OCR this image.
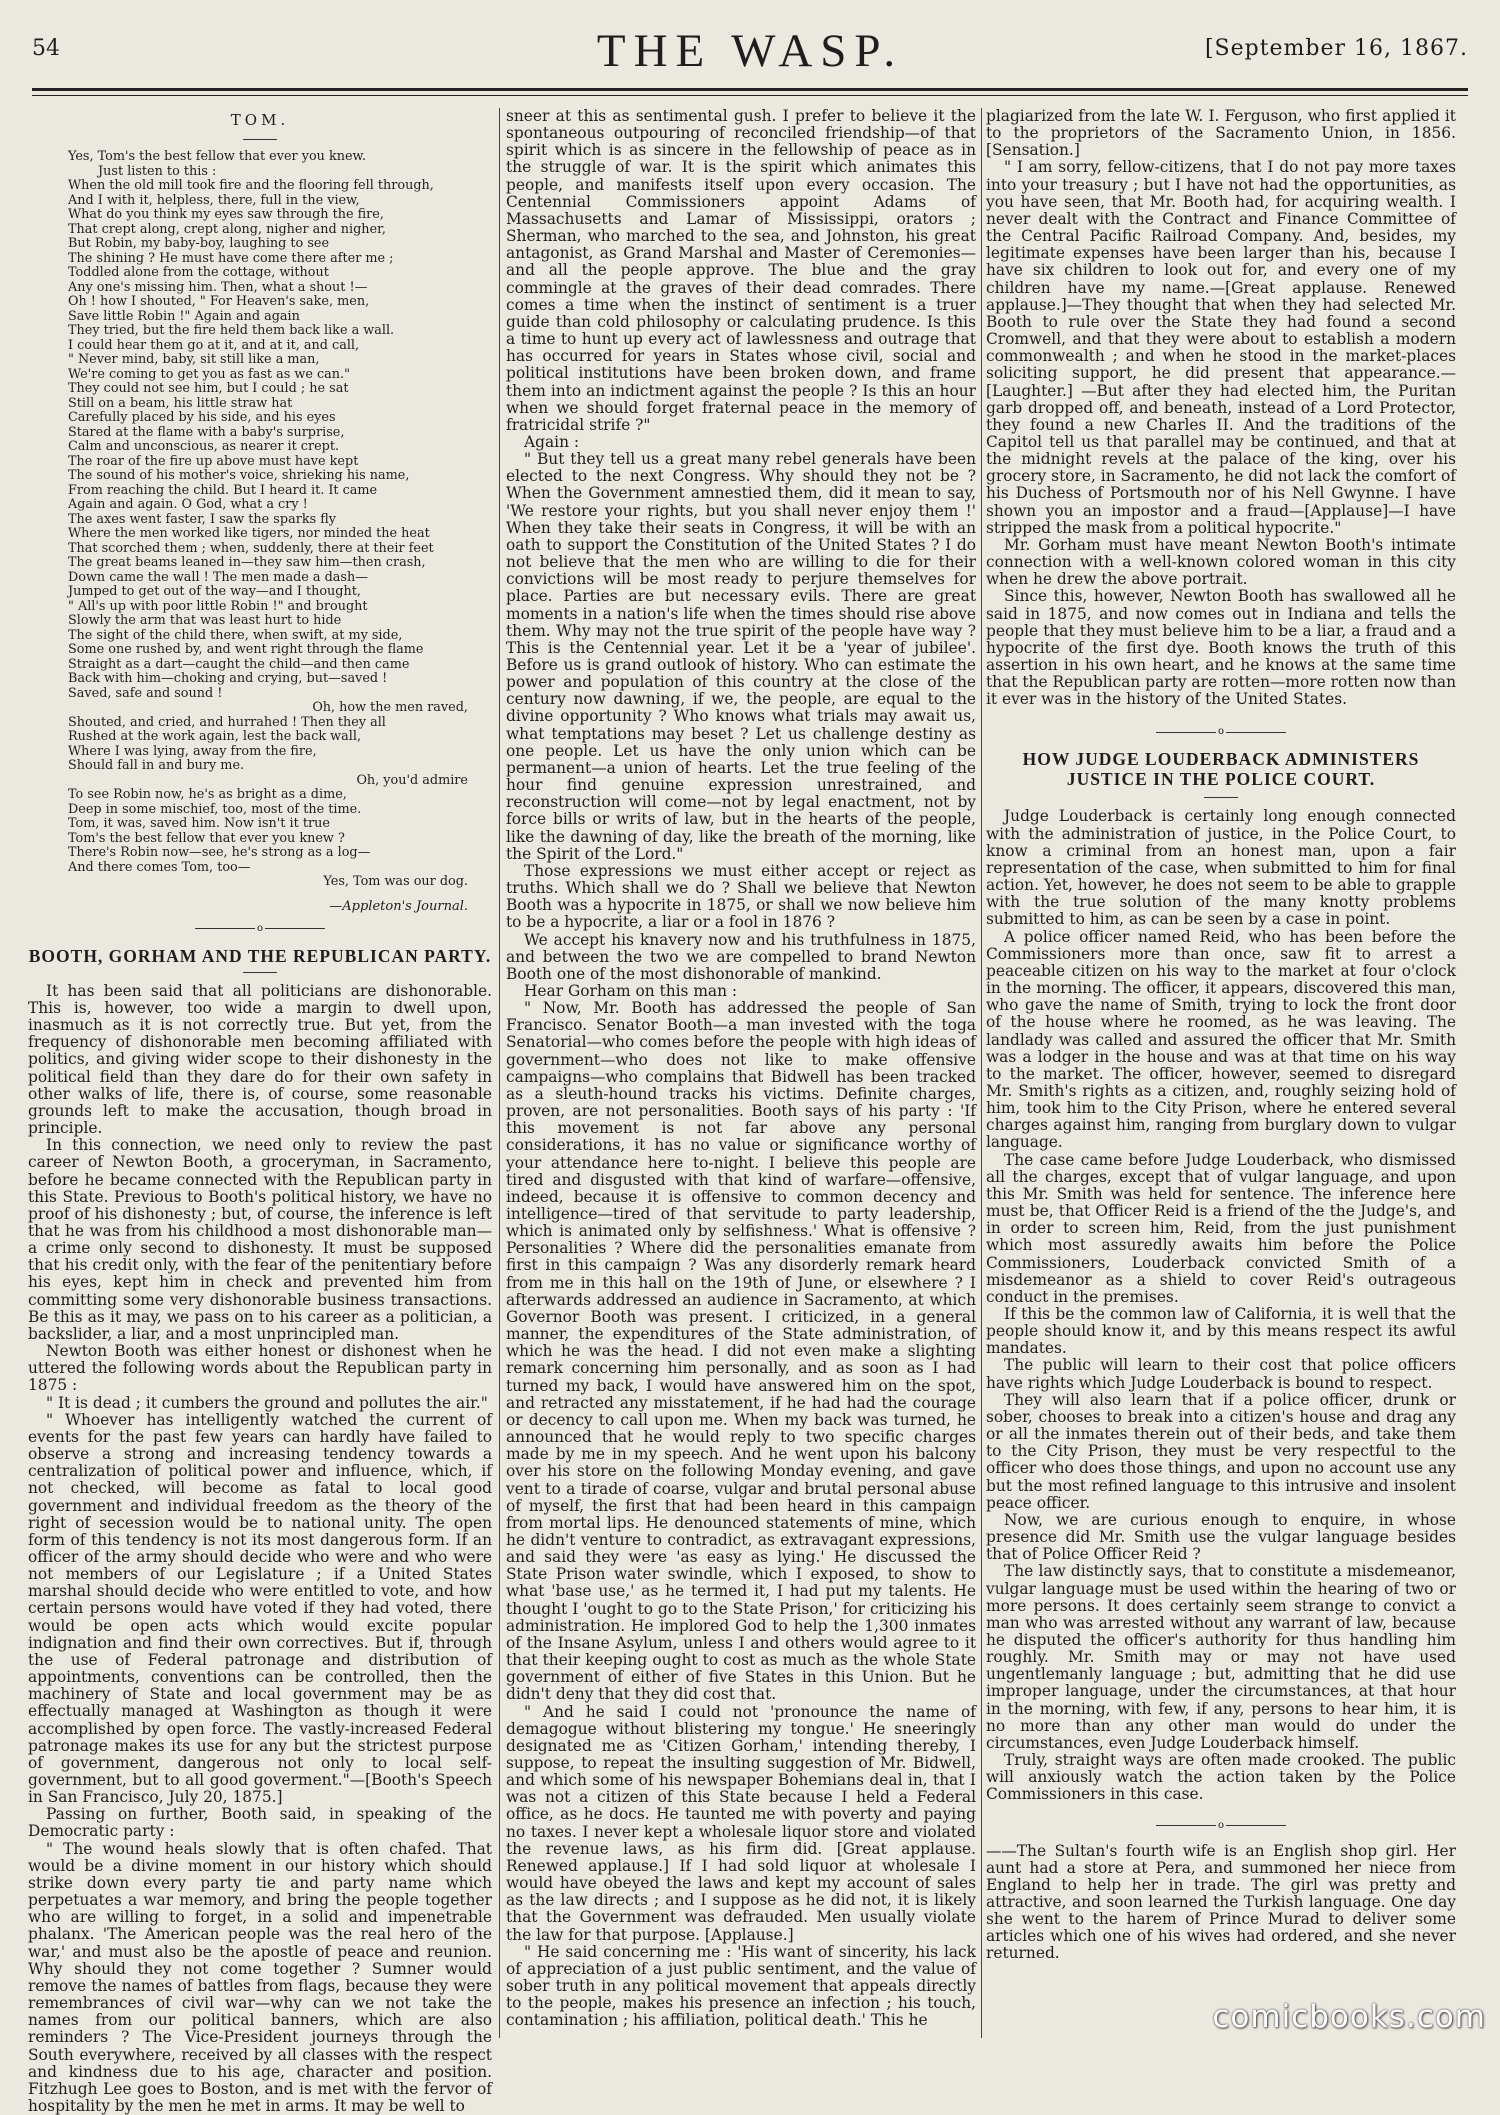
54	THE WASP.	[September 16, 1867.
TOM.
Yes, Tom's the best fellow that ever you knew.
Just listen to this :
When the old mill took fire and the flooring fell through,
And I with it, helpless, there, full in the view,
What do you think my eyes saw through the fire,
That crept along, crept along, nigher and nigher,
But Robin, my baby-boy, laughing to see
The shining ? He must have come there after me ;
Toddled alone from the cottage, without
Any one's missing him. Then, what a shout !—
Oh ! how I shouted, " For Heaven's sake, men,
Save little Robin !" Again and again
They tried, but the fire held them back like a wall.
I could hear them go at it, and at it, and call,
" Never mind, baby, sit still like a man,
We're coming to get you as fast as we can."
They could not see him, but I could ; he sat
Still on a beam, his little straw hat
Carefully placed by his side, and his eyes
Stared at the flame with a baby's surprise,
Calm and unconscious, as nearer it crept.
The roar of the fire up above must have kept
The sound of his mother's voice, shrieking his name,
From reaching the child. But I heard it. It came
Again and again. O God, what a cry !
The axes went faster, I saw the sparks fly
Where the men worked like tigers, nor minded the heat
That scorched them ; when, suddenly, there at their feet
The great beams leaned in—they saw him—then crash,
Down came the wall ! The men made a dash—
Jumped to get out of the way—and I thought,
" All's up with poor little Robin !" and brought
Slowly the arm that was least hurt to hide
The sight of the child there, when swift, at my side,
Some one rushed by, and went right through the flame
Straight as a dart—caught the child—and then came
Back with him—choking and crying, but—saved !
Saved, safe and sound !
Oh, how the men raved,
Shouted, and cried, and hurrahed ! Then they all
Rushed at the work again, lest the back wall,
Where I was lying, away from the fire,
Should fall in and bury me.
Oh, you'd admire
To see Robin now, he's as bright as a dime,
Deep in some mischief, too, most of the time.
Tom, it was, saved him. Now isn't it true
Tom's the best fellow that ever you knew ?
There's Robin now—see, he's strong as a log—
And there comes Tom, too—
Yes, Tom was our dog.
—Appleton's Journal.
o
BOOTH, GORHAM AND THE REPUBLICAN PARTY.

It has been said that all politicians are dishonorable. This is, however, too wide a margin to dwell upon, inasmuch as it is not correctly true. But yet, from the frequency of dishonorable men becoming affiliated with politics, and giving wider scope to their dishonesty in the political field than they dare do for their own safety in other walks of life, there is, of course, some reasonable grounds left to make the accusation, though broad in principle.

In this connection, we need only to review the past career of Newton Booth, a groceryman, in Sacramento, before he became connected with the Republican party in this State. Previous to Booth's political history, we have no proof of his dishonesty ; but, of course, the inference is left that he was from his childhood a most dishonorable man—a crime only second to dishonesty. It must be supposed that his credit only, with the fear of the penitentiary before his eyes, kept him in check and prevented him from committing some very dishonorable business transactions. Be this as it may, we pass on to his career as a politician, a backslider, a liar, and a most unprincipled man.

Newton Booth was either honest or dishonest when he uttered the following words about the Republican party in 1875 :

" It is dead ; it cumbers the ground and pollutes the air."

" Whoever has intelligently watched the current of events for the past few years can hardly have failed to observe a strong and increasing tendency towards a centralization of political power and influence, which, if not checked, will become as fatal to local good government and individual freedom as the theory of the right of secession would be to national unity. The open form of this tendency is not its most dangerous form. If an officer of the army should decide who were and who were not members of our Legislature ; if a United States marshal should decide who were entitled to vote, and how certain persons would have voted if they had voted, there would be open acts which would excite popular indignation and find their own correctives. But if, through the use of Federal patronage and distribution of appointments, conventions can be controlled, then the machinery of State and local government may be as effectually managed at Washington as though it were accomplished by open force. The vastly-increased Federal patronage makes its use for any but the strictest purpose of government, dangerous not only to local self-government, but to all good goverment."—[Booth's Speech in San Francisco, July 20, 1875.]

Passing on further, Booth said, in speaking of the Democratic party :

" The wound heals slowly that is often chafed. That would be a divine moment in our history which should strike down every party tie and party name which perpetuates a war memory, and bring the people together who are willing to forget, in a solid and impenetrable phalanx. 'The American people was the real hero of the war,' and must also be the apostle of peace and reunion. Why should they not come together ? Sumner would remove the names of battles from flags, because they were remembrances of civil war—why can we not take the names from our political banners, which are also reminders ? The Vice-President journeys through the South everywhere, received by all classes with the respect and kindness due to his age, character and position. Fitzhugh Lee goes to Boston, and is met with the fervor of hospitality by the men he met in arms. It may be well to

sneer at this as sentimental gush. I prefer to believe it the spontaneous outpouring of reconciled friendship—of that spirit which is as sincere in the fellowship of peace as in the struggle of war. It is the spirit which animates this people, and manifests itself upon every occasion. The Centennial Commissioners appoint Adams of Massachusetts and Lamar of Mississippi, orators ; Sherman, who marched to the sea, and Johnston, his great antagonist, as Grand Marshal and Master of Ceremonies—and all the people approve. The blue and the gray commingle at the graves of their dead comrades. There comes a time when the instinct of sentiment is a truer guide than cold philosophy or calculating prudence. Is this a time to hunt up every act of lawlessness and outrage that has occurred for years in States whose civil, social and political institutions have been broken down, and frame them into an indictment against the people ? Is this an hour when we should forget fraternal peace in the memory of fratricidal strife ?"

Again :

" But they tell us a great many rebel generals have been elected to the next Congress. Why should they not be ? When the Government amnestied them, did it mean to say, 'We restore your rights, but you shall never enjoy them !' When they take their seats in Congress, it will be with an oath to support the Constitution of the United States ? I do not believe that the men who are willing to die for their convictions will be most ready to perjure themselves for place. Parties are but necessary evils. There are great moments in a nation's life when the times should rise above them. Why may not the true spirit of the people have way ? This is the Centennial year. Let it be a 'year of jubilee'. Before us is grand outlook of history. Who can estimate the power and population of this country at the close of the century now dawning, if we, the people, are equal to the divine opportunity ? Who knows what trials may await us, what temptations may beset ? Let us challenge destiny as one people. Let us have the only union which can be permanent—a union of hearts. Let the true feeling of the hour find genuine expression unrestrained, and reconstruction will come—not by legal enactment, not by force bills or writs of law, but in the hearts of the people, like the dawning of day, like the breath of the morning, like the Spirit of the Lord."

Those expressions we must either accept or reject as truths. Which shall we do ? Shall we believe that Newton Booth was a hypocrite in 1875, or shall we now believe him to be a hypocrite, a liar or a fool in 1876 ?

We accept his knavery now and his truthfulness in 1875, and between the two we are compelled to brand Newton Booth one of the most dishonorable of mankind.

Hear Gorham on this man :

" Now, Mr. Booth has addressed the people of San Francisco. Senator Booth—a man invested with the toga Senatorial—who comes before the people with high ideas of government—who does not like to make offensive campaigns—who complains that Bidwell has been tracked as a sleuth-hound tracks his victims. Definite charges, proven, are not personalities. Booth says of his party : 'If this movement is not far above any personal considerations, it has no value or significance worthy of your attendance here to-night. I believe this people are tired and disgusted with that kind of warfare—offensive, indeed, because it is offensive to common decency and intelligence—tired of that servitude to party leadership, which is animated only by selfishness.' What is offensive ? Personalities ? Where did the personalities emanate from first in this campaign ? Was any disorderly remark heard from me in this hall on the 19th of June, or elsewhere ? I afterwards addressed an audience in Sacramento, at which Governor Booth was present. I criticized, in a general manner, the expenditures of the State administration, of which he was the head. I did not even make a slighting remark concerning him personally, and as soon as I had turned my back, I would have answered him on the spot, and retracted any misstatement, if he had had the courage or decency to call upon me. When my back was turned, he announced that he would reply to two specific charges made by me in my speech. And he went upon his balcony over his store on the following Monday evening, and gave vent to a tirade of coarse, vulgar and brutal personal abuse of myself, the first that had been heard in this campaign from mortal lips. He denounced statements of mine, which he didn't venture to contradict, as extravagant expressions, and said they were 'as easy as lying.' He discussed the State Prison water swindle, which I exposed, to show to what 'base use,' as he termed it, I had put my talents. He thought I 'ought to go to the State Prison,' for criticizing his administration. He implored God to help the 1,300 inmates of the Insane Asylum, unless I and others would agree to it that their keeping ought to cost as much as the whole State government of either of five States in this Union. But he didn't deny that they did cost that.

" And he said I could not 'pronounce the name of demagogue without blistering my tongue.' He sneeringly designated me as 'Citizen Gorham,' intending thereby, I suppose, to repeat the insulting suggestion of Mr. Bidwell, and which some of his newspaper Bohemians deal in, that I was not a citizen of this State because I held a Federal office, as he docs. He taunted me with poverty and paying no taxes. I never kept a wholesale liquor store and violated the revenue laws, as his firm did. [Great applause. Renewed applause.] If I had sold liquor at wholesale I would have obeyed the laws and kept my account of sales as the law directs ; and I suppose as he did not, it is likely that the Government was defrauded. Men usually violate the law for that purpose. [Applause.]

" He said concerning me : 'His want of sincerity, his lack of appreciation of a just public sentiment, and the value of sober truth in any political movement that appeals directly to the people, makes his presence an infection ; his touch, contamination ; his affiliation, political death.' This he

plagiarized from the late W. I. Ferguson, who first applied it to the proprietors of the Sacramento Union, in 1856. [Sensation.]

" I am sorry, fellow-citizens, that I do not pay more taxes into your treasury ; but I have not had the opportunities, as you have seen, that Mr. Booth had, for acquiring wealth. I never dealt with the Contract and Finance Committee of the Central Pacific Railroad Company. And, besides, my legitimate expenses have been larger than his, because I have six children to look out for, and every one of my children have my name.—[Great applause. Renewed applause.]—They thought that when they had selected Mr. Booth to rule over the State they had found a second Cromwell, and that they were about to establish a modern commonwealth ; and when he stood in the market-places soliciting support, he did present that appearance.—[Laughter.] —But after they had elected him, the Puritan garb dropped off, and beneath, instead of a Lord Protector, they found a new Charles II. And the traditions of the Capitol tell us that parallel may be continued, and that at the midnight revels at the palace of the king, over his grocery store, in Sacramento, he did not lack the comfort of his Duchess of Portsmouth nor of his Nell Gwynne. I have shown you an impostor and a fraud—[Applause]—I have stripped the mask from a political hypocrite."

Mr. Gorham must have meant Newton Booth's intimate connection with a well-known colored woman in this city when he drew the above portrait.

Since this, however, Newton Booth has swallowed all he said in 1875, and now comes out in Indiana and tells the people that they must believe him to be a liar, a fraud and a hypocrite of the first dye. Booth knows the truth of this assertion in his own heart, and he knows at the same time that the Republican party are rotten—more rotten now than it ever was in the history of the United States.

o
HOW JUDGE LOUDERBACK ADMINISTERS JUSTICE IN THE POLICE COURT.

Judge Louderback is certainly long enough connected with the administration of justice, in the Police Court, to know a criminal from an honest man, upon a fair representation of the case, when submitted to him for final action. Yet, however, he does not seem to be able to grapple with the true solution of the many knotty problems submitted to him, as can be seen by a case in point.

A police officer named Reid, who has been before the Commissioners more than once, saw fit to arrest a peaceable citizen on his way to the market at four o'clock in the morning. The officer, it appears, discovered this man, who gave the name of Smith, trying to lock the front door of the house where he roomed, as he was leaving. The landlady was called and assured the officer that Mr. Smith was a lodger in the house and was at that time on his way to the market. The officer, however, seemed to disregard Mr. Smith's rights as a citizen, and, roughly seizing hold of him, took him to the City Prison, where he entered several charges against him, ranging from burglary down to vulgar language.

The case came before Judge Louderback, who dismissed all the charges, except that of vulgar language, and upon this Mr. Smith was held for sentence. The inference here must be, that Officer Reid is a friend of the the Judge's, and in order to screen him, Reid, from the just punishment which most assuredly awaits him before the Police Commissioners, Louderback convicted Smith of a misdemeanor as a shield to cover Reid's outrageous conduct in the premises.

If this be the common law of California, it is well that the people should know it, and by this means respect its awful mandates.

The public will learn to their cost that police officers have rights which Judge Louderback is bound to respect.

They will also learn that if a police officer, drunk or sober, chooses to break into a citizen's house and drag any or all the inmates therein out of their beds, and take them to the City Prison, they must be very respectful to the officer who does those things, and upon no account use any but the most refined language to this intrusive and insolent peace officer.

Now, we are curious enough to enquire, in whose presence did Mr. Smith use the vulgar language besides that of Police Officer Reid ?

The law distinctly says, that to constitute a misdemeanor, vulgar language must be used within the hearing of two or more persons. It does certainly seem strange to convict a man who was arrested without any warrant of law, because he disputed the officer's authority for thus handling him roughly. Mr. Smith may or may not have used ungentlemanly language ; but, admitting that he did use improper language, under the circumstances, at that hour in the morning, with few, if any, persons to hear him, it is no more than any other man would do under the circumstances, even Judge Louderback himself.

Truly, straight ways are often made crooked. The public will anxiously watch the action taken by the Police Commissioners in this case.

o

——The Sultan's fourth wife is an English shop girl. Her aunt had a store at Pera, and summoned her niece from England to help her in trade. The girl was pretty and attractive, and soon learned the Turkish language. One day she went to the harem of Prince Murad to deliver some articles which one of his wives had ordered, and she never returned.

comicbooks.com
